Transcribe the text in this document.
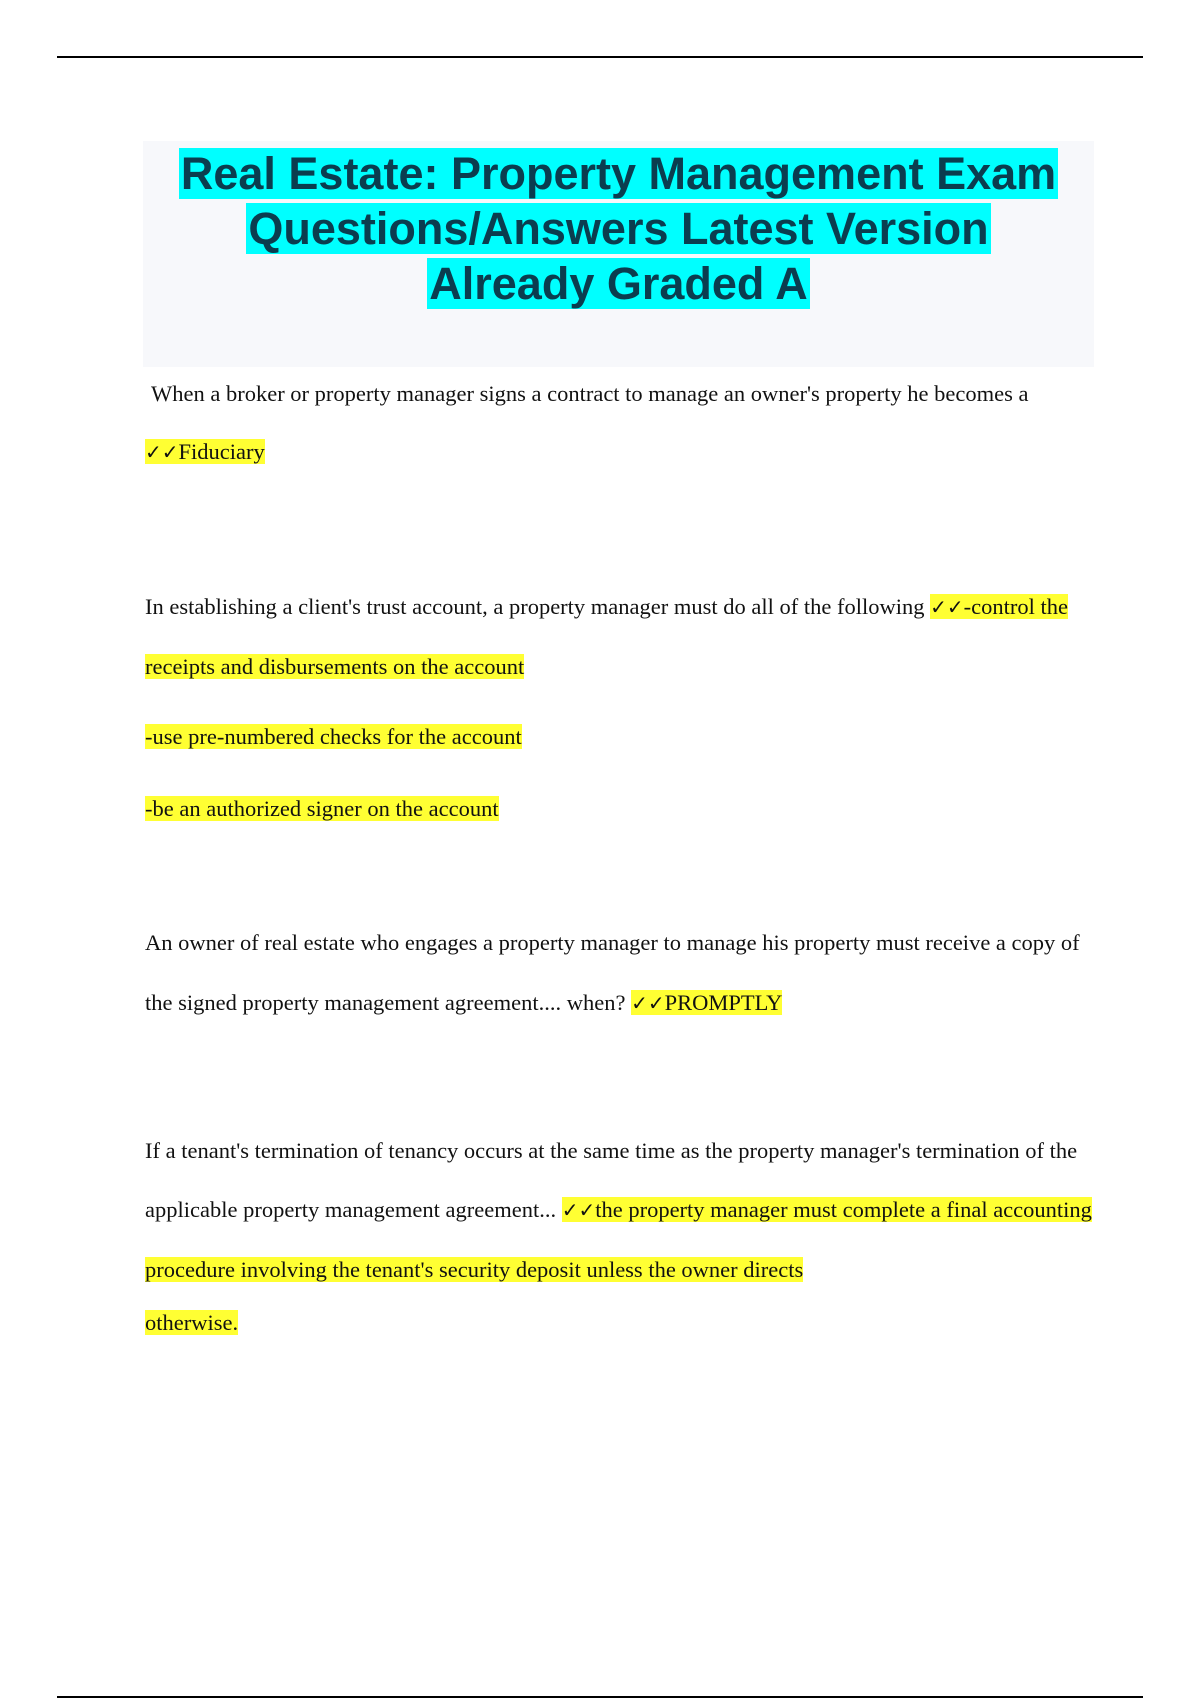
Real Estate: Property Management Exam
Questions/Answers Latest Version
Already Graded A

When a broker or property manager signs a contract to manage an owner's property he becomes a ✓✓Fiduciary

In establishing a client's trust account, a property manager must do all of the following ✓✓-control the receipts and disbursements on the account

-use pre-numbered checks for the account

-be an authorized signer on the account

An owner of real estate who engages a property manager to manage his property must receive a copy of the signed property management agreement.... when? ✓✓PROMPTLY

If a tenant's termination of tenancy occurs at the same time as the property manager's termination of the applicable property management agreement... ✓✓the property manager must complete a final accounting procedure involving the tenant's security deposit unless the owner directs

otherwise.
